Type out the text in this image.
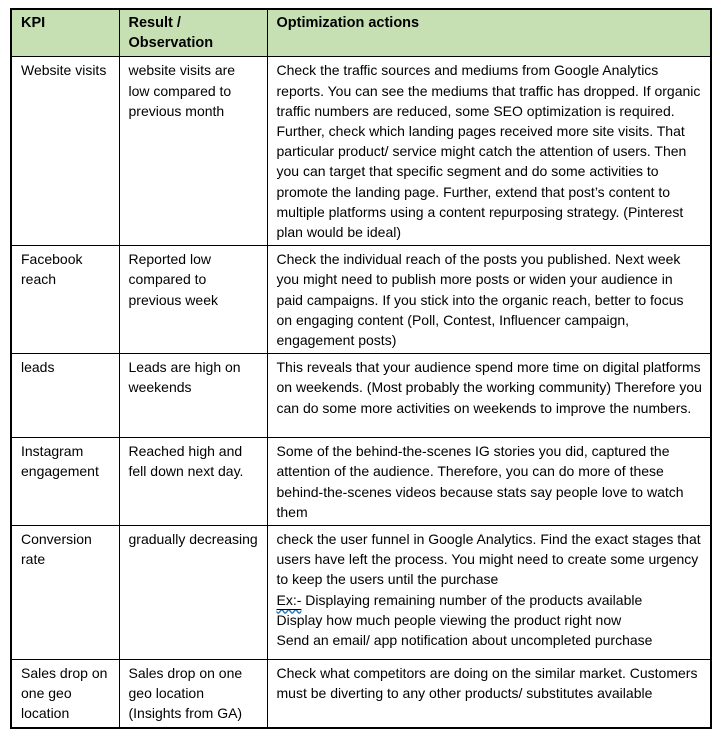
KPI	Result / Observation	Optimization actions
Website visits	website visits are low compared to previous month	Check the traffic sources and mediums from Google Analytics reports. You can see the mediums that traffic has dropped. If organic traffic numbers are reduced, some SEO optimization is required. Further, check which landing pages received more site visits. That particular product/ service might catch the attention of users. Then you can target that specific segment and do some activities to promote the landing page. Further, extend that post’s content to multiple platforms using a content repurposing strategy. (Pinterest plan would be ideal)
Facebook reach	Reported low compared to previous week	Check the individual reach of the posts you published. Next week you might need to publish more posts or widen your audience in paid campaigns. If you stick into the organic reach, better to focus on engaging content (Poll, Contest, Influencer campaign, engagement posts)
leads	Leads are high on weekends	This reveals that your audience spend more time on digital platforms on weekends. (Most probably the working community) Therefore you can do some more activities on weekends to improve the numbers.
Instagram engagement	Reached high and fell down next day.	Some of the behind-the-scenes IG stories you did, captured the attention of the audience. Therefore, you can do more of these behind-the-scenes videos because stats say people love to watch them
Conversion rate	gradually decreasing	check the user funnel in Google Analytics. Find the exact stages that users have left the process. You might need to create some urgency to keep the users until the purchase
Ex:- Displaying remaining number of the products available
Display how much people viewing the product right now
Send an email/ app notification about uncompleted purchase

Sales drop on one geo location	Sales drop on one geo location (Insights from GA)	Check what competitors are doing on the similar market. Customers must be diverting to any other products/ substitutes available
